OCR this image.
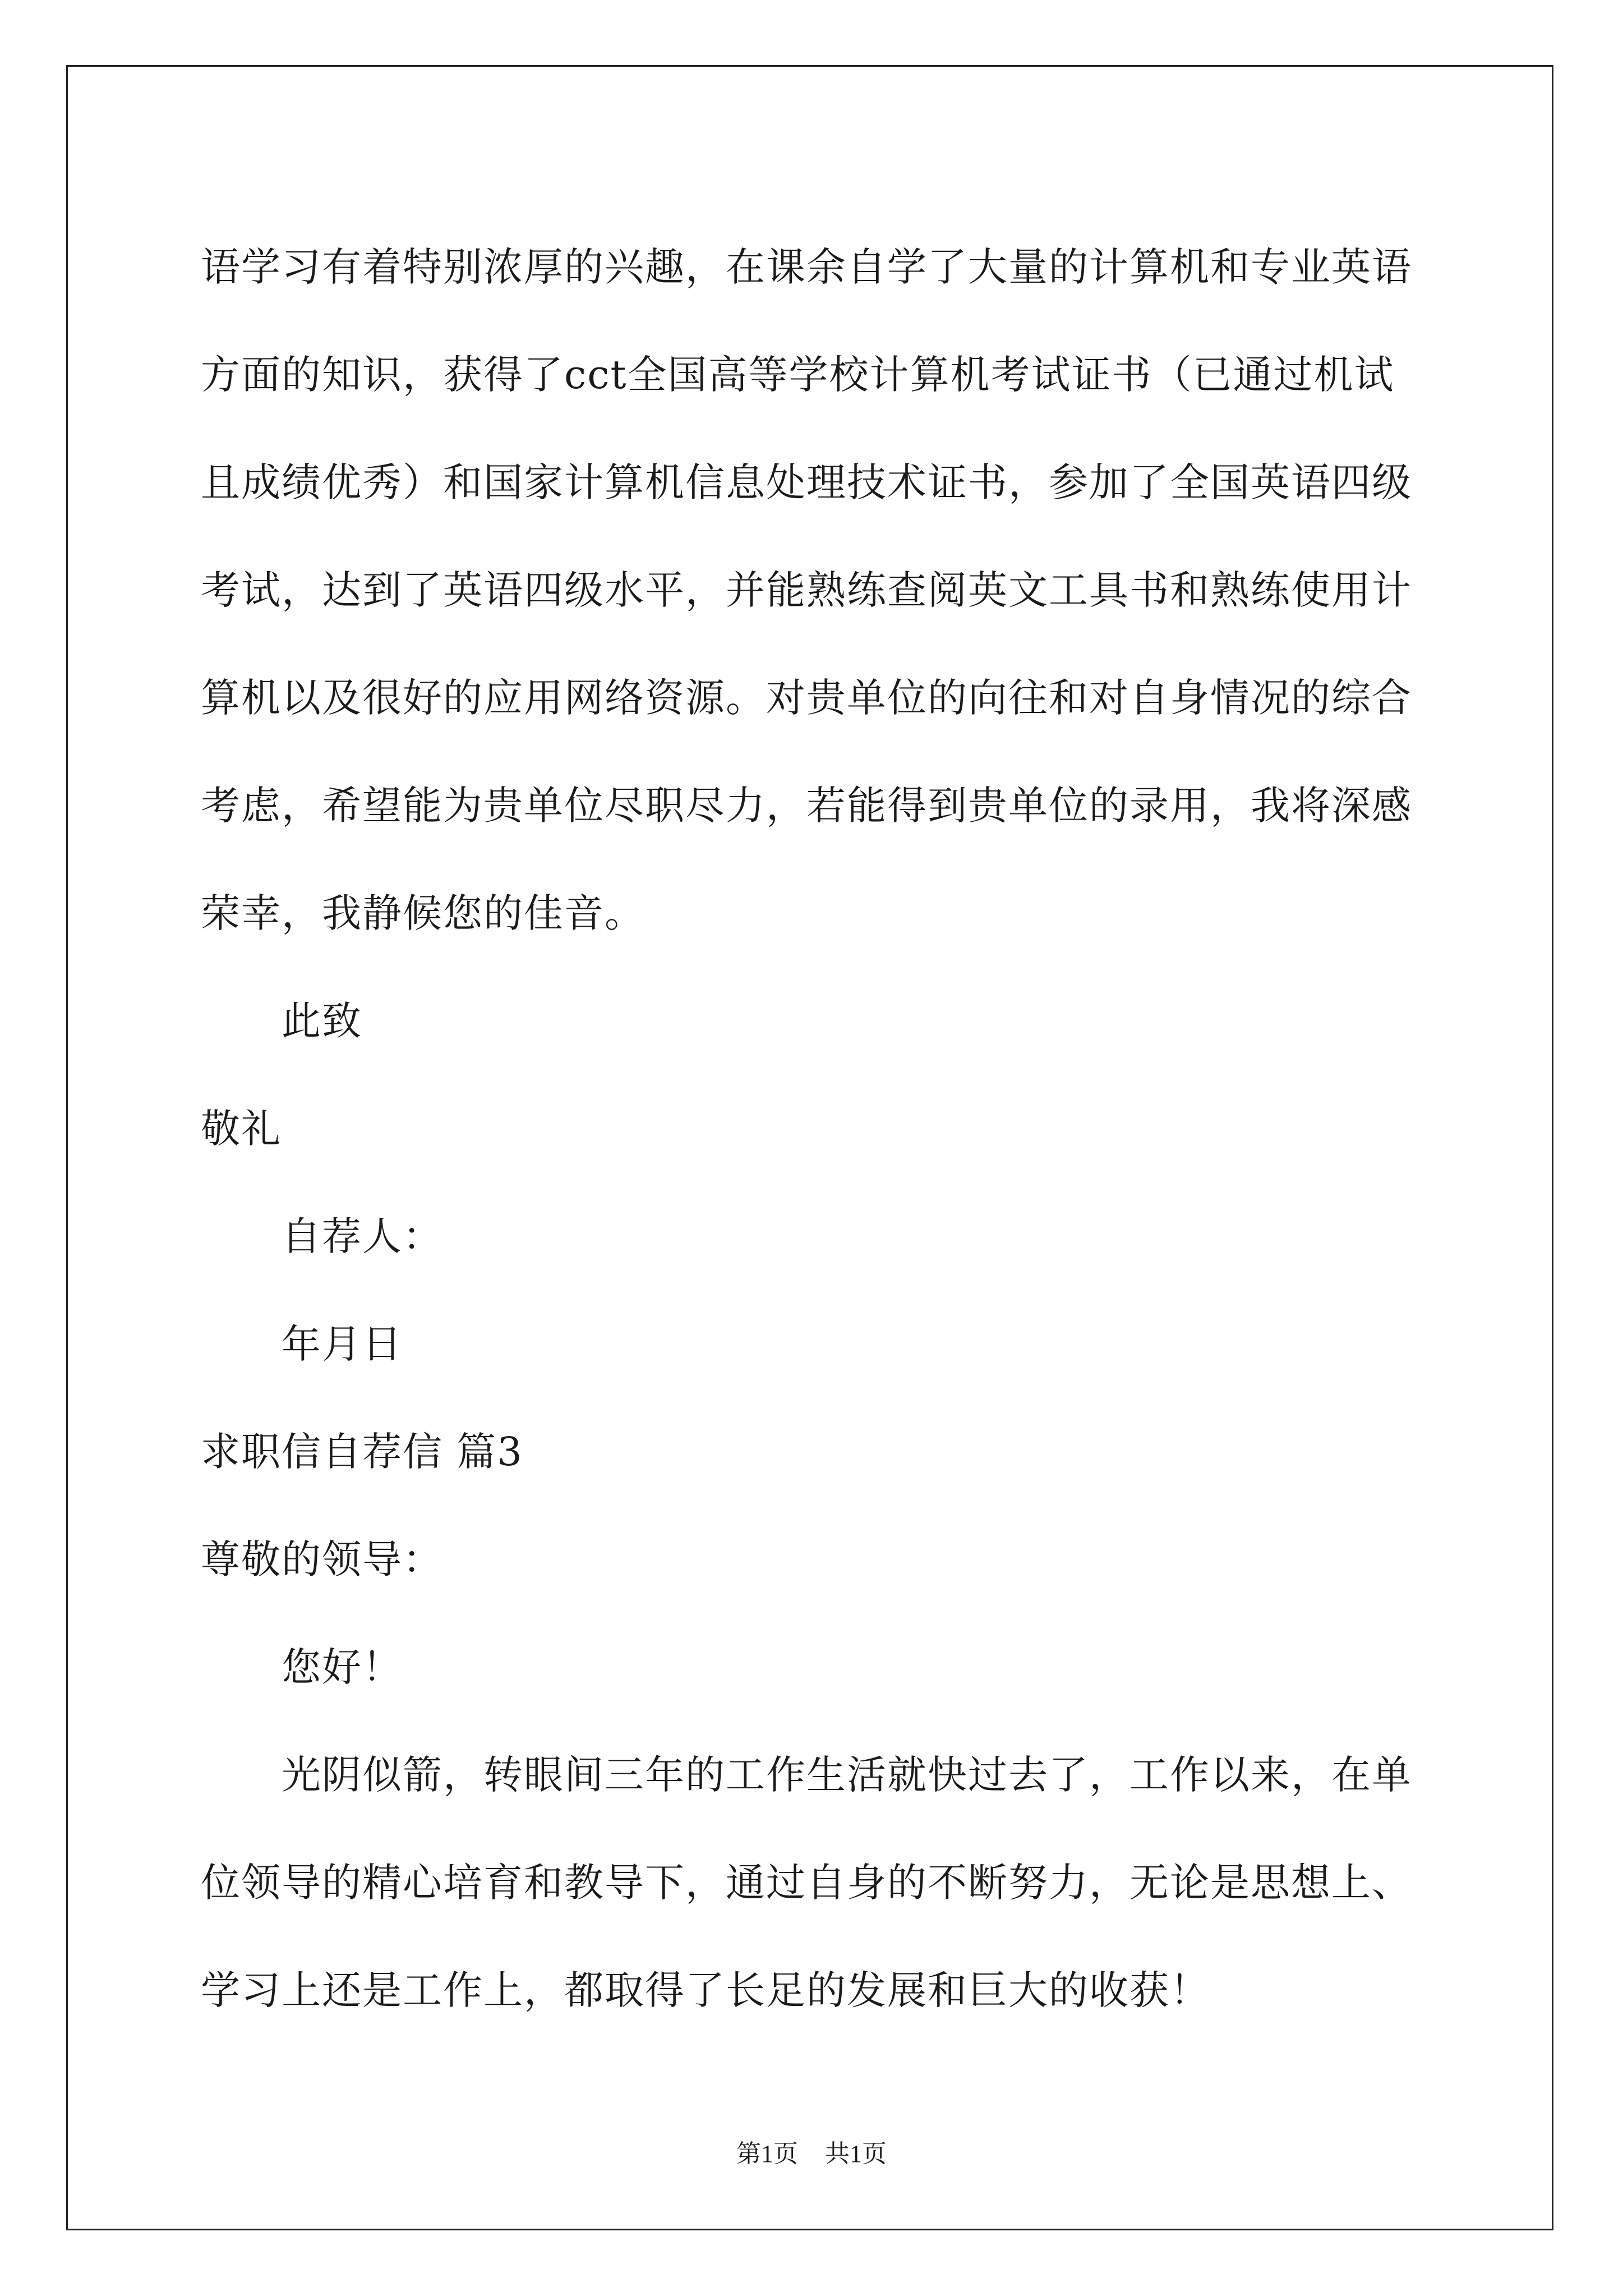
语学习有着特别浓厚的兴趣，在课余自学了大量的计算机和专业英语
方面的知识，获得了cct全国高等学校计算机考试证书（已通过机试
且成绩优秀）和国家计算机信息处理技术证书，参加了全国英语四级
考试，达到了英语四级水平，并能熟练查阅英文工具书和熟练使用计
算机以及很好的应用网络资源。对贵单位的向往和对自身情况的综合
考虑，希望能为贵单位尽职尽力，若能得到贵单位的录用，我将深感
荣幸，我静候您的佳音。
此致
敬礼
自荐人：
年月日
求职信自荐信 篇3
尊敬的领导：
您好！
光阴似箭，转眼间三年的工作生活就快过去了，工作以来，在单
位领导的精心培育和教导下，通过自身的不断努力，无论是思想上、
学习上还是工作上，都取得了长足的发展和巨大的收获！
第1页 共1页
